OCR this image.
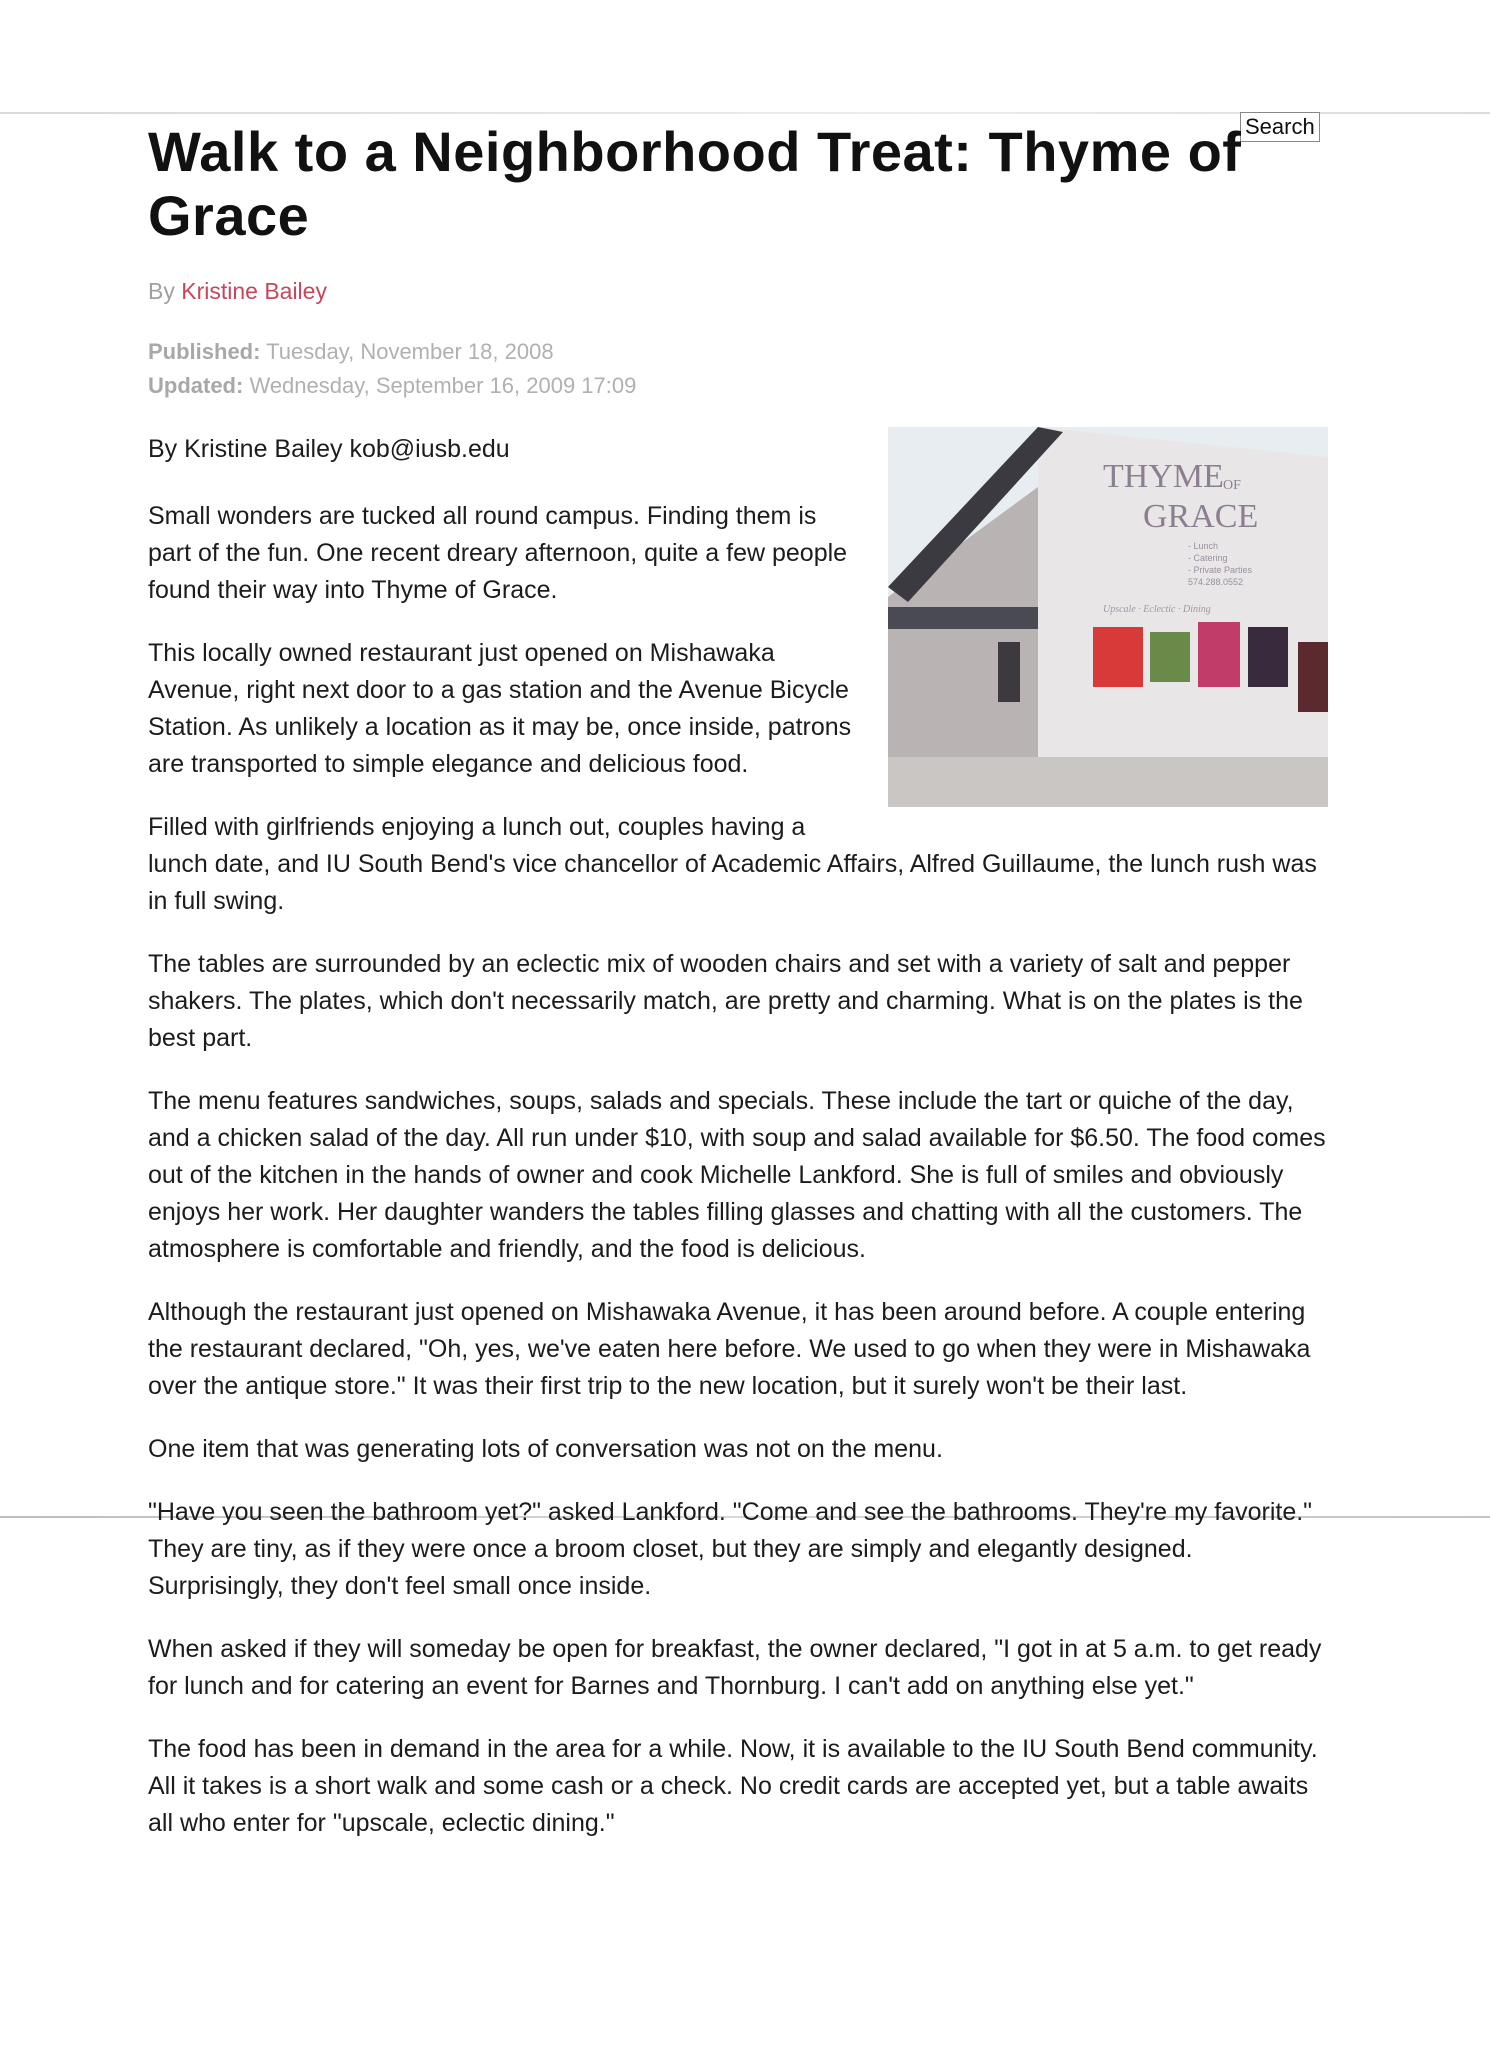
Search
Walk to a Neighborhood Treat: Thyme of Grace
By Kristine Bailey
Published: Tuesday, November 18, 2008
Updated: Wednesday, September 16, 2009 17:09
THYME OF
GRACE
- Lunch
- Catering
- Private Parties
574.288.0552
Upscale · Eclectic · Dining

By Kristine Bailey kob@iusb.edu

Small wonders are tucked all round campus. Finding them is part of the fun. One recent dreary afternoon, quite a few people found their way into Thyme of Grace.

This locally owned restaurant just opened on Mishawaka Avenue, right next door to a gas station and the Avenue Bicycle Station. As unlikely a location as it may be, once inside, patrons are transported to simple elegance and delicious food.

Filled with girlfriends enjoying a lunch out, couples having a lunch date, and IU South Bend's vice chancellor of Academic Affairs, Alfred Guillaume, the lunch rush was in full swing.

The tables are surrounded by an eclectic mix of wooden chairs and set with a variety of salt and pepper shakers. The plates, which don't necessarily match, are pretty and charming. What is on the plates is the best part.

The menu features sandwiches, soups, salads and specials. These include the tart or quiche of the day, and a chicken salad of the day. All run under $10, with soup and salad available for $6.50. The food comes out of the kitchen in the hands of owner and cook Michelle Lankford. She is full of smiles and obviously enjoys her work. Her daughter wanders the tables filling glasses and chatting with all the customers. The atmosphere is comfortable and friendly, and the food is delicious.

Although the restaurant just opened on Mishawaka Avenue, it has been around before. A couple entering the restaurant declared, "Oh, yes, we've eaten here before. We used to go when they were in Mishawaka over the antique store." It was their first trip to the new location, but it surely won't be their last.

One item that was generating lots of conversation was not on the menu.

"Have you seen the bathroom yet?" asked Lankford. "Come and see the bathrooms. They're my favorite." They are tiny, as if they were once a broom closet, but they are simply and elegantly designed. Surprisingly, they don't feel small once inside.

When asked if they will someday be open for breakfast, the owner declared, "I got in at 5 a.m. to get ready for lunch and for catering an event for Barnes and Thornburg. I can't add on anything else yet."

The food has been in demand in the area for a while. Now, it is available to the IU South Bend community. All it takes is a short walk and some cash or a check. No credit cards are accepted yet, but a table awaits all who enter for "upscale, eclectic dining."
